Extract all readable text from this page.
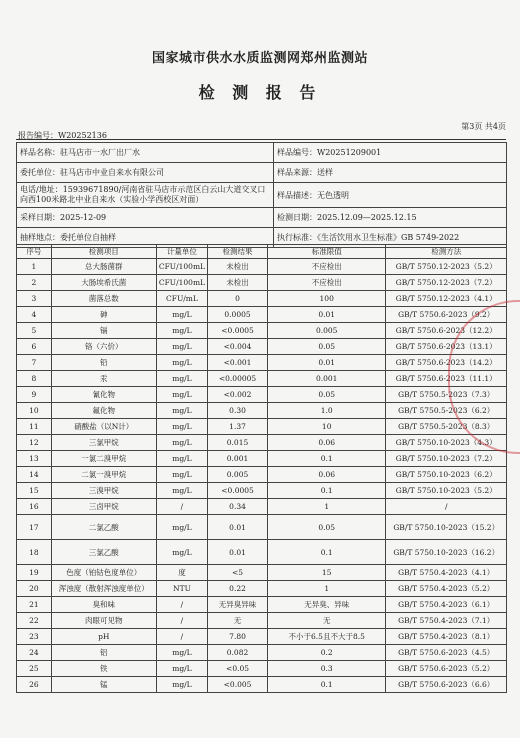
国家城市供水水质监测网郑州监测站
检 测 报 告
第3页 共4页
报告编号：W20252136
样品名称：驻马店市一水厂出厂水	样品编号：W20251209001
委托单位：驻马店市中业自来水有限公司	样品来源：送样
电话/地址：15939671890/河南省驻马店市示范区白云山大道交叉口向西100米路北中业自来水（实验小学西校区对面）	样品描述：无色透明
采样日期：2025-12-09	检测日期：2025.12.09—2025.12.15
抽样地点：委托单位自抽样	执行标准：《生活饮用水卫生标准》GB 5749-2022
序号	检测项目	计量单位	检测结果	标准限值	检测方法
1	总大肠菌群	CFU/100mL	未检出	不应检出	GB/T 5750.12-2023（5.2）
2	大肠埃希氏菌	CFU/100mL	未检出	不应检出	GB/T 5750.12-2023（7.2）
3	菌落总数	CFU/mL	0	100	GB/T 5750.12-2023（4.1）
4	砷	mg/L	0.0005	0.01	GB/T 5750.6-2023（9.2）
5	镉	mg/L	<0.0005	0.005	GB/T 5750.6-2023（12.2）
6	铬（六价）	mg/L	<0.004	0.05	GB/T 5750.6-2023（13.1）
7	铅	mg/L	<0.001	0.01	GB/T 5750.6-2023（14.2）
8	汞	mg/L	<0.00005	0.001	GB/T 5750.6-2023（11.1）
9	氰化物	mg/L	<0.002	0.05	GB/T 5750.5-2023（7.3）
10	氟化物	mg/L	0.30	1.0	GB/T 5750.5-2023（6.2）
11	硝酸盐（以N计）	mg/L	1.37	10	GB/T 5750.5-2023（8.3）
12	三氯甲烷	mg/L	0.015	0.06	GB/T 5750.10-2023（4.3）
13	一氯二溴甲烷	mg/L	0.001	0.1	GB/T 5750.10-2023（7.2）
14	二氯一溴甲烷	mg/L	0.005	0.06	GB/T 5750.10-2023（6.2）
15	三溴甲烷	mg/L	<0.0005	0.1	GB/T 5750.10-2023（5.2）
16	三卤甲烷	/	0.34	1	/
17	二氯乙酸	mg/L	0.01	0.05	GB/T 5750.10-2023（15.2）
18	三氯乙酸	mg/L	0.01	0.1	GB/T 5750.10-2023（16.2）
19	色度（铂钴色度单位）	度	<5	15	GB/T 5750.4-2023（4.1）
20	浑浊度（散射浑浊度单位）	NTU	0.22	1	GB/T 5750.4-2023（5.2）
21	臭和味	/	无异臭异味	无异臭、异味	GB/T 5750.4-2023（6.1）
22	肉眼可见物	/	无	无	GB/T 5750.4-2023（7.1）
23	pH	/	7.80	不小于6.5且不大于8.5	GB/T 5750.4-2023（8.1）
24	铝	mg/L	0.082	0.2	GB/T 5750.6-2023（4.5）
25	铁	mg/L	<0.05	0.3	GB/T 5750.6-2023（5.2）
26	锰	mg/L	<0.005	0.1	GB/T 5750.6-2023（6.6）
